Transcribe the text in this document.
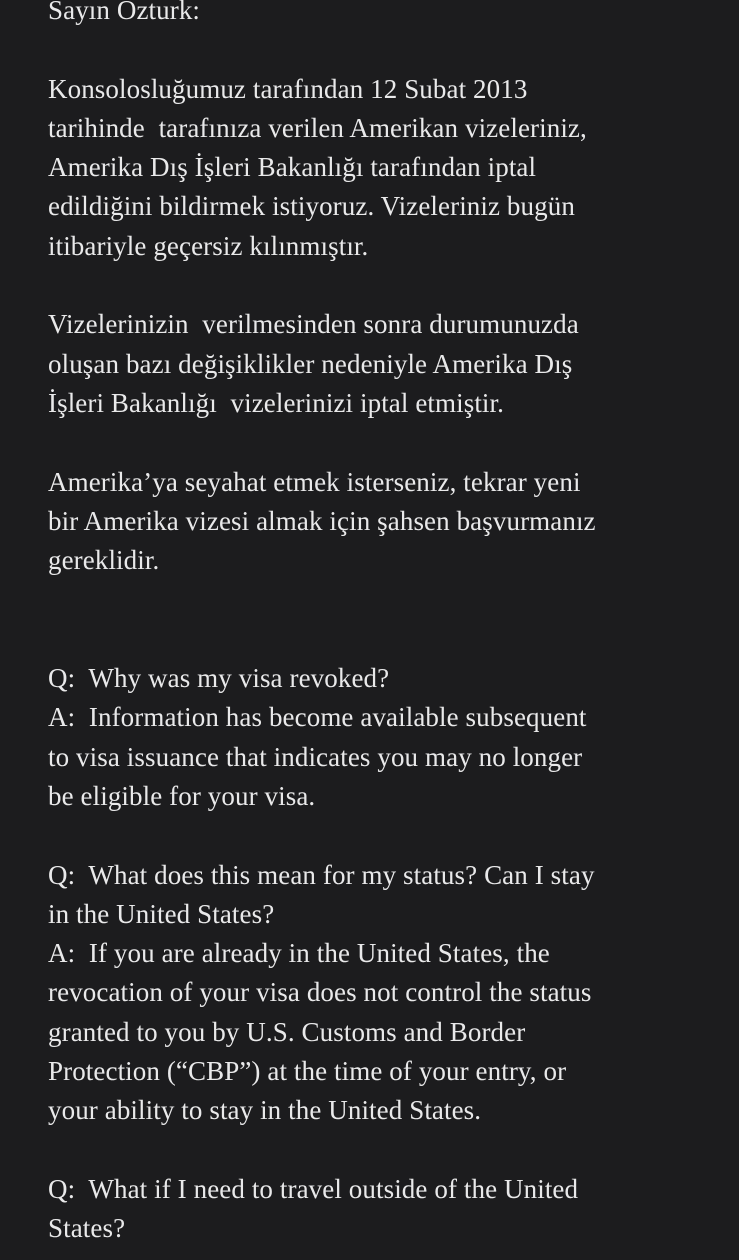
Sayın Ozturk:
Konsolosluğumuz tarafından 12 Subat 2013
tarihinde  tarafınıza verilen Amerikan vizeleriniz,
Amerika Dış İşleri Bakanlığı tarafından iptal
edildiğini bildirmek istiyoruz. Vizeleriniz bugün
itibariyle geçersiz kılınmıştır.
Vizelerinizin  verilmesinden sonra durumunuzda
oluşan bazı değişiklikler nedeniyle Amerika Dış
İşleri Bakanlığı  vizelerinizi iptal etmiştir.
Amerika’ya seyahat etmek isterseniz, tekrar yeni
bir Amerika vizesi almak için şahsen başvurmanız
gereklidir.
Q:  Why was my visa revoked?
A:  Information has become available subsequent
to visa issuance that indicates you may no longer
be eligible for your visa.
Q:  What does this mean for my status? Can I stay
in the United States?
A:  If you are already in the United States, the
revocation of your visa does not control the status
granted to you by U.S. Customs and Border
Protection (“CBP”) at the time of your entry, or
your ability to stay in the United States.
Q:  What if I need to travel outside of the United
States?
